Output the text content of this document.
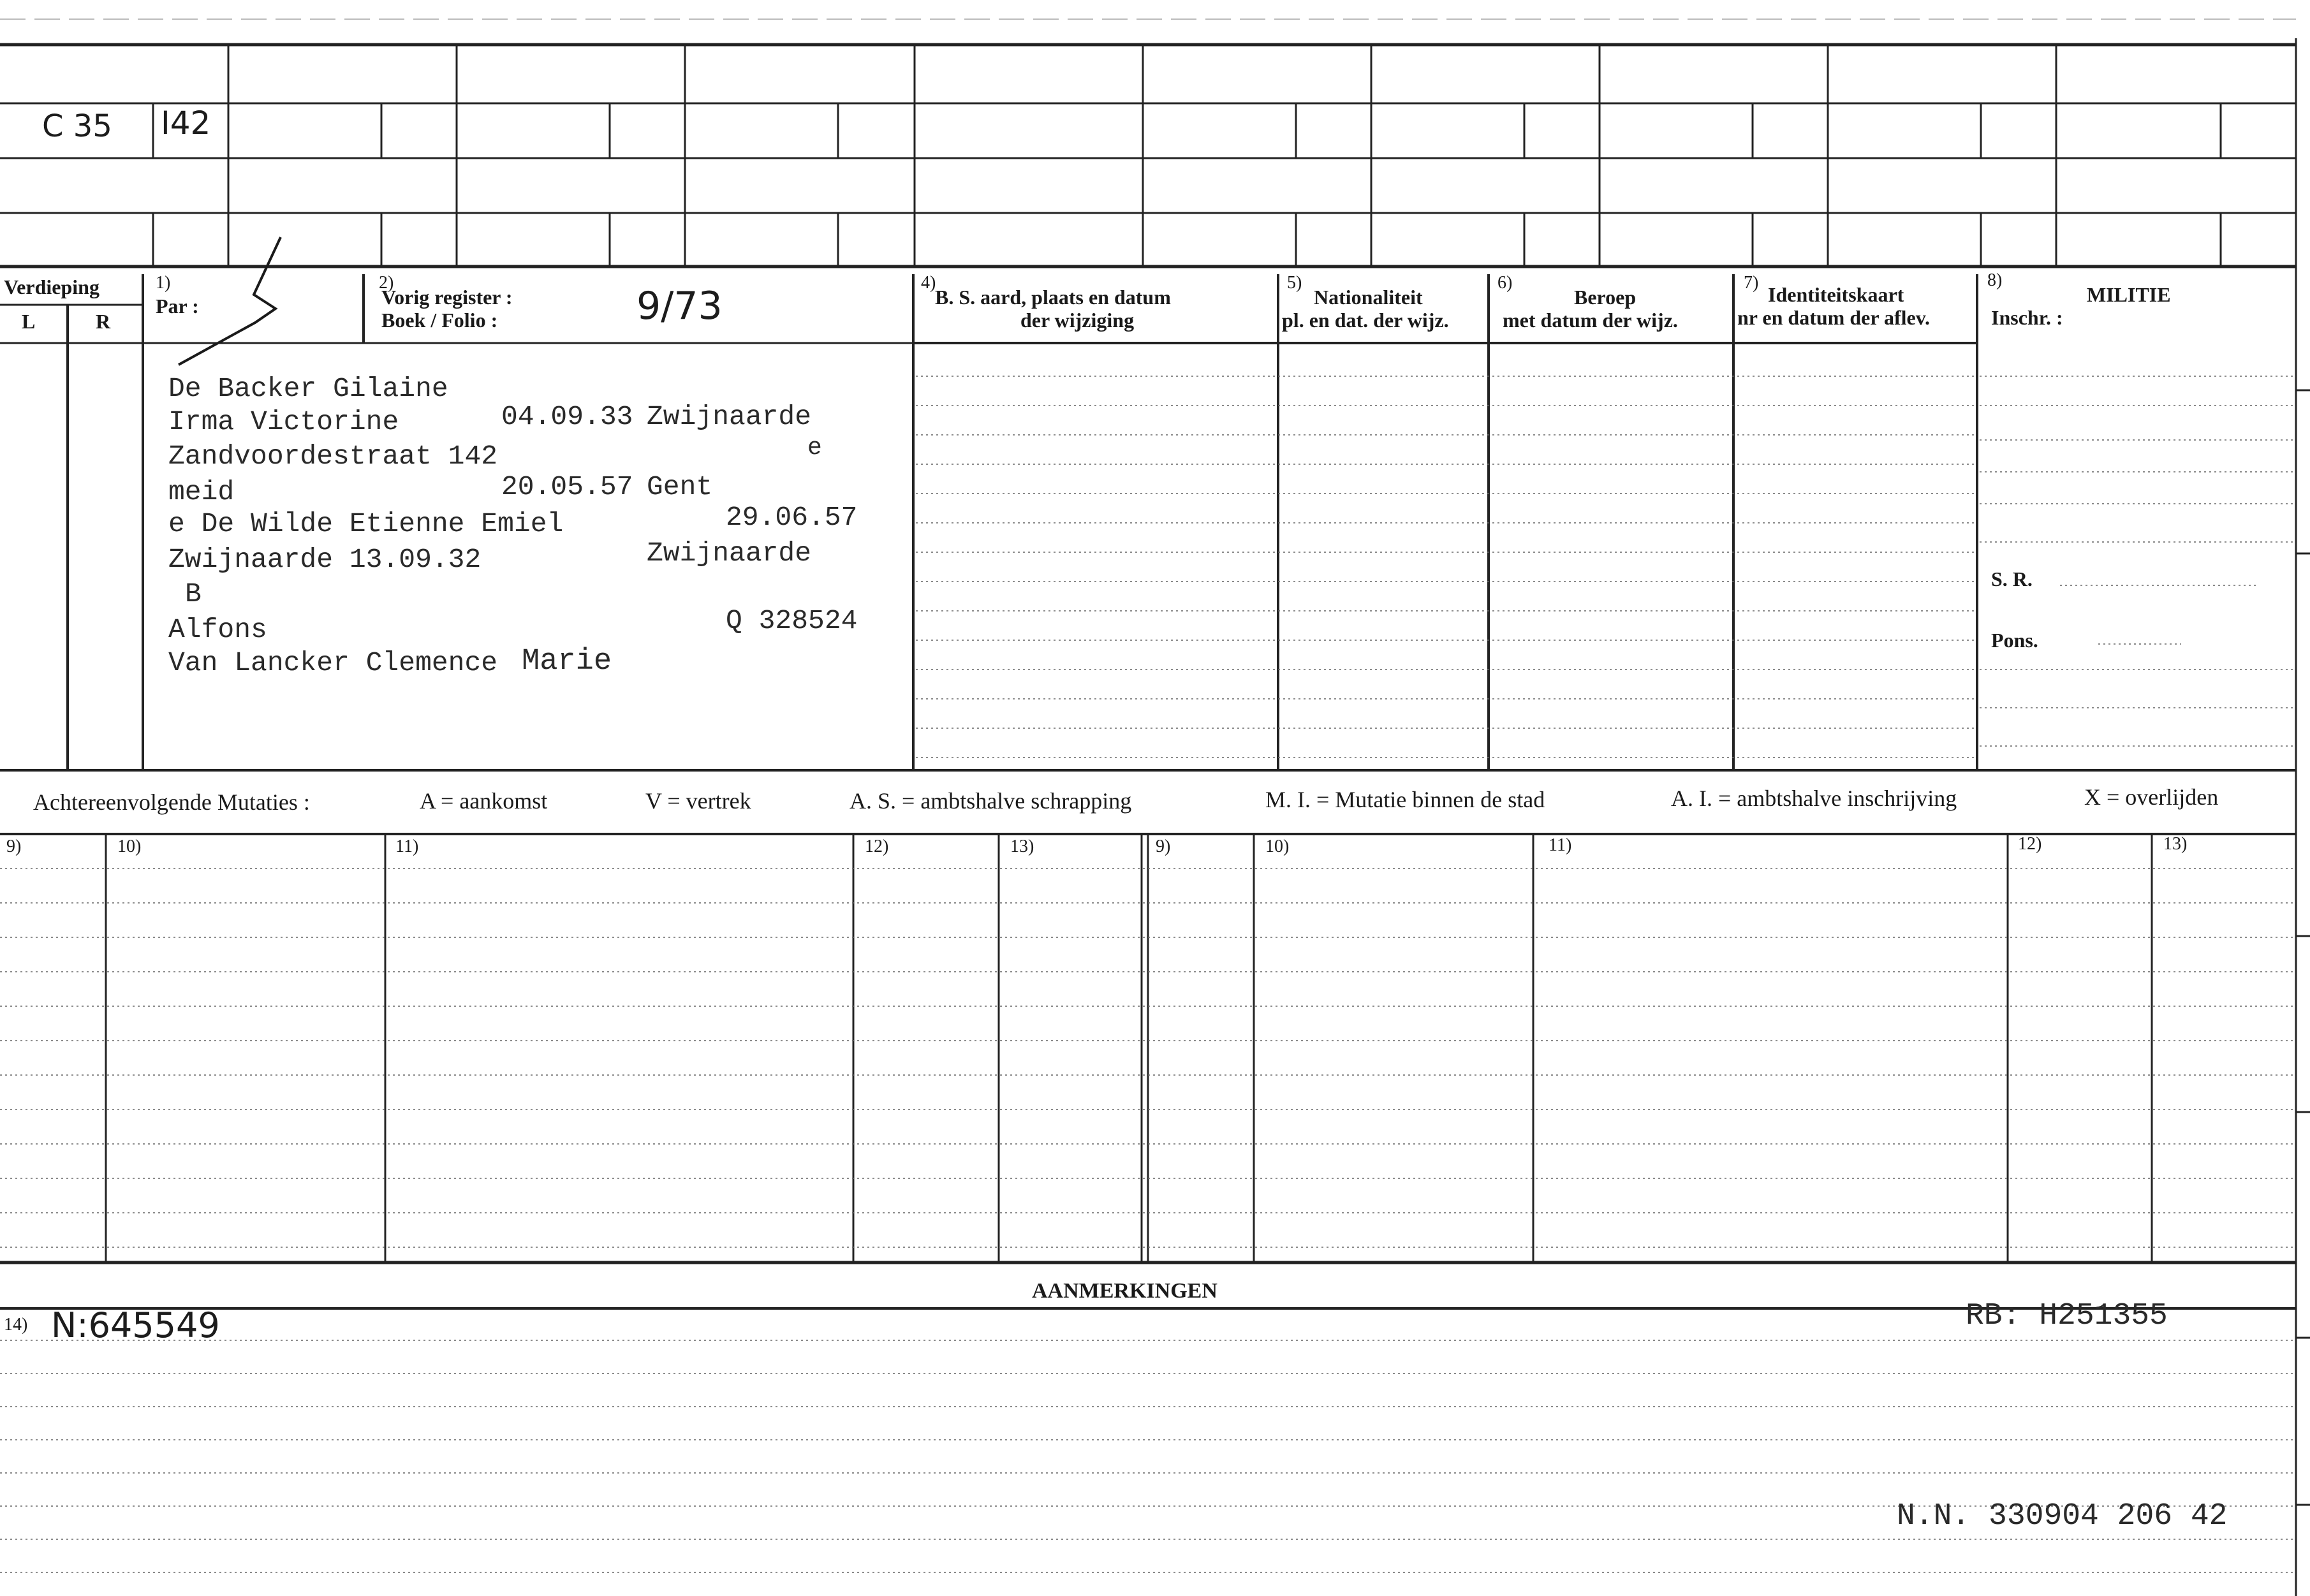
C 35 I42
Verdieping
L	R
1)
Par :
2)
Vorig register :
Boek / Folio :	9/73
4)
B. S. aard, plaats en datum
der wijziging
5)
Nationaliteit
pl. en dat. der wijz.
6)
Beroep
met datum der wijz.
7)
Identiteitskaart
nr en datum der aflev.
8)
MILITIE
Inschr. :
S. R.
Pons.
De Backer Gilaine
Irma Victorine	04.09.33 Zwijnaarde
Zandvoordestraat 142	e
meid	20.05.57 Gent
e De Wilde Etienne Emiel	29.06.57
Zwijnaarde 13.09.32	Zwijnaarde
B
Alfons	Q 328524
Van Lancker Clemence Marie
Achtereenvolgende Mutaties :	A = aankomst	V = vertrek	A. S. = ambtshalve schrapping	M. I. = Mutatie binnen de stad	A. I. = ambtshalve inschrijving	X = overlijden
9)	10)	11)	12)	13)	9)	10)	11)	12)	13)
AANMERKINGEN
14) N:645549	RB: H251355
N.N. 330904 206 42
